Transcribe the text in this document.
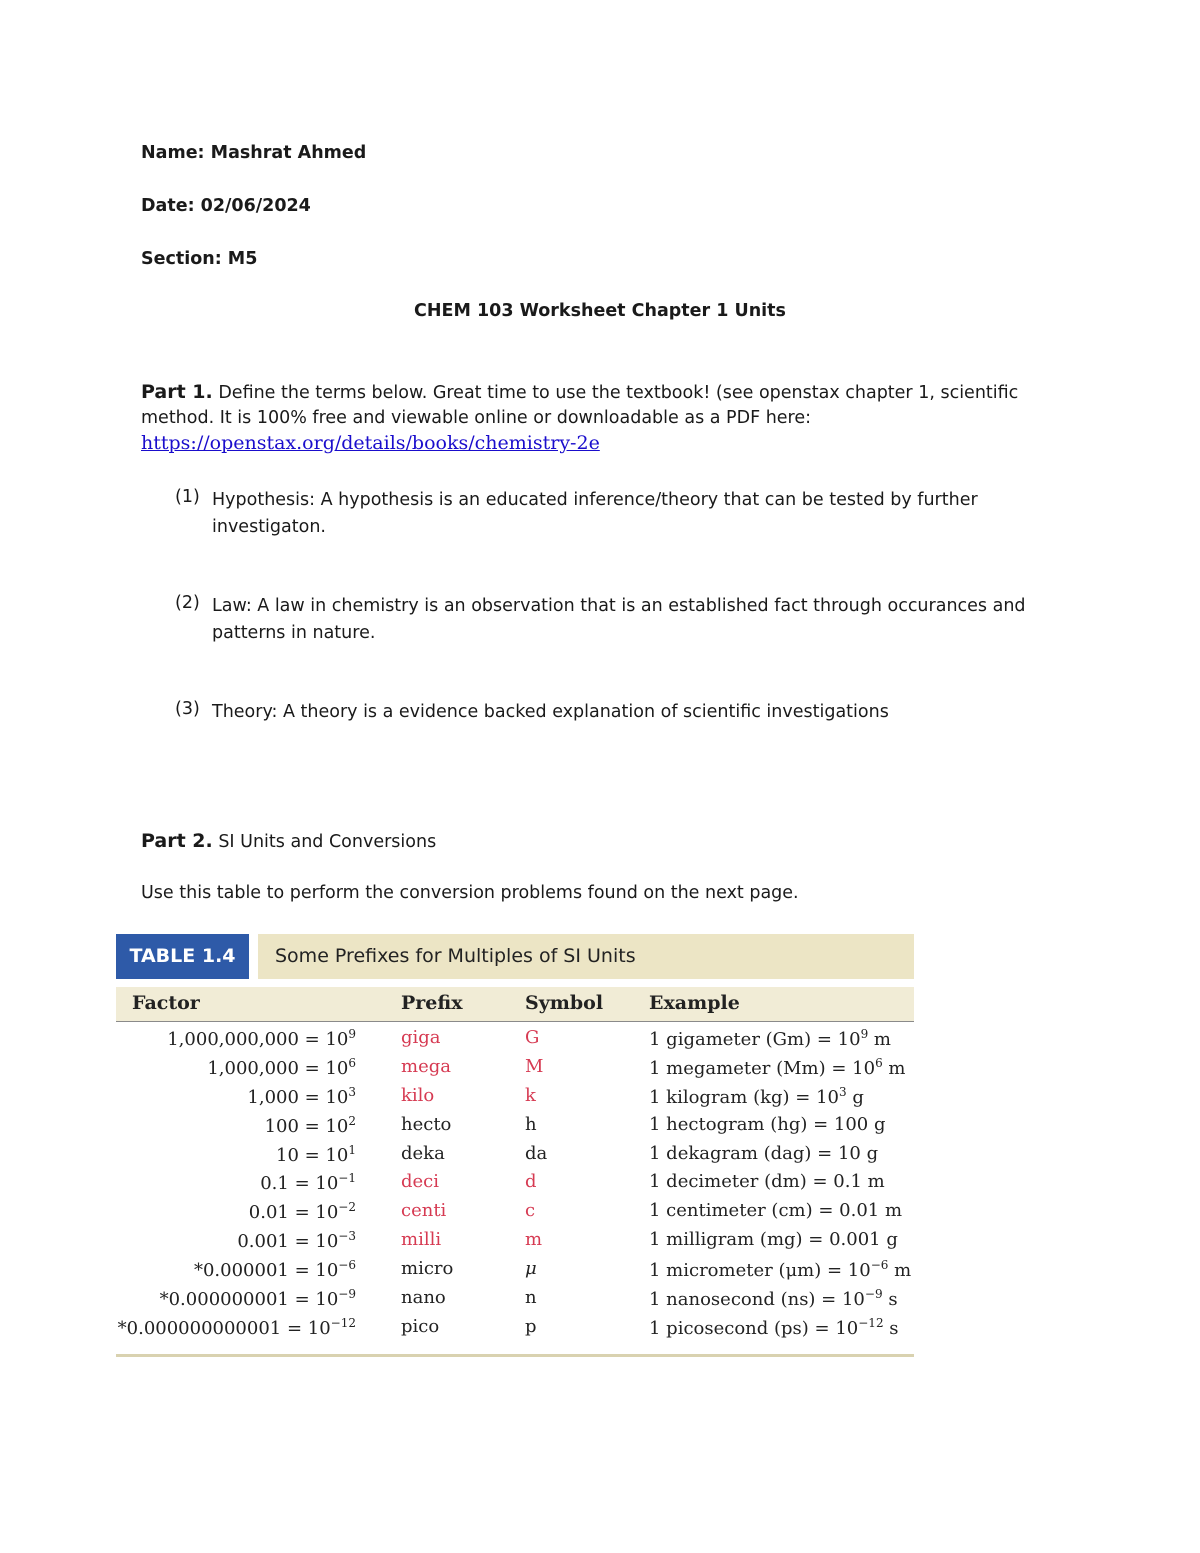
Name: Mashrat Ahmed
Date: 02/06/2024
Section: M5
CHEM 103 Worksheet Chapter 1 Units
Part 1. Define the terms below. Great time to use the textbook! (see openstax chapter 1, scientific
method. It is 100% free and viewable online or downloadable as a PDF here:
https://openstax.org/details/books/chemistry-2e
(1) Hypothesis: A hypothesis is an educated inference/theory that can be tested by further investigaton.
(2) Law: A law in chemistry is an observation that is an established fact through occurances and patterns in nature.
(3) Theory: A theory is a evidence backed explanation of scientific investigations
Part 2. SI Units and Conversions
Use this table to perform the conversion problems found on the next page.
TABLE 1.4	Some Prefixes for Multiples of SI Units
Factor	Prefix	Symbol Example
$1,000,000,000 = 10^9$	giga	G	1 gigameter $(Gm) = 10^9$ m
$1,000,000 = 10^6$	mega	M	1 megameter $(Mm) = 10^6$ m
$1,000 = 10^3$	kilo	k	1 kilogram $(kg) = 10^3$ g
$100 = 10^2$	hecto	h	1 hectogram (hg) = 100 g
$10 = 10^1$	deka	da	1 dekagram (dag) = 10 g
$0.1 = 10^{-1}$	deci	d	1 decimeter (dm) = 0.1 m
$0.01 = 10^{-2}$	centi	c	1 centimeter (cm) = 0.01 m
$0.001 = 10^{-3}$	milli	m	1 milligram (mg) = 0.001 g
$*0.000001 = 10^{-6}$	micro	μ	1 micrometer $(\mu m) = 10^{-6}$ m
$*0.000000001 = 10^{-9}$	nano	n	1 nanosecond $(ns) = 10^{-9}$ s
$*0.000000000001 = 10^{-12}$	pico	p	1 picosecond $(ps) = 10^{-12}$ s
